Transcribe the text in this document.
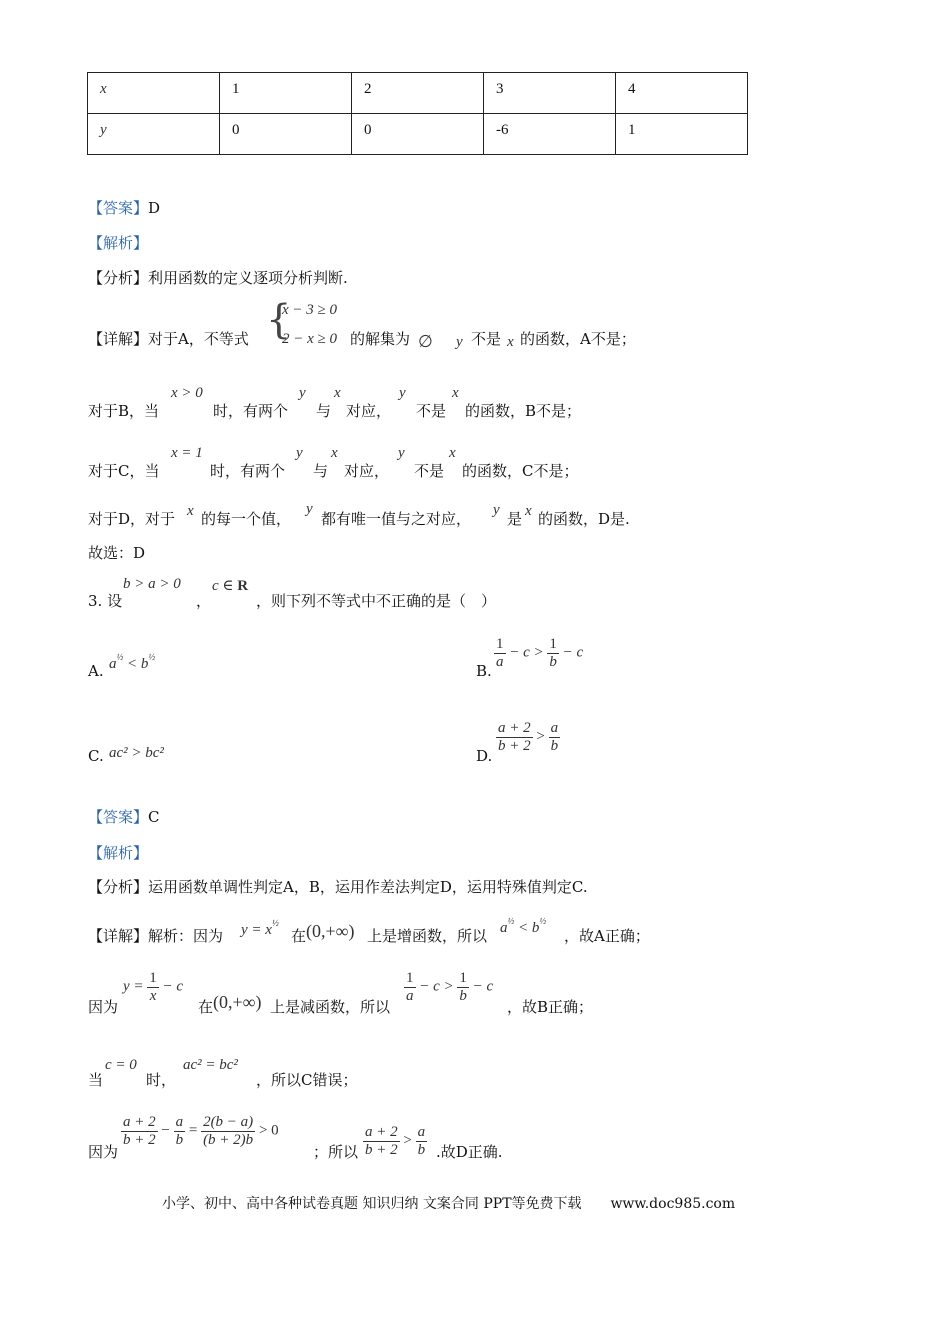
x	1	2	3	4
y	0	0	-6	1
【答案】D
【解析】
【分析】利用函数的定义逐项分析判断.
【详解】对于A，不等式 {
x − 3 ≥ 0
2 − x ≥ 0 的解集为 ∅ y 不是 x 的函数，A不是；
对于B，当
x > 0
时，有两个
y
与
x
对应，
y
不是
x
的函数，B不是；
对于C，当
x = 1
时，有两个
y
与
x
对应，
y
不是
x
的函数，C不是；
对于D，对于 x 的每一个值，
y
都有唯一值与之对应， y 是 x 的函数，D是.
故选：D
3. 设
b > a > 0
，
c ∈ R
，则下列不等式中不正确的是（　）
A. $a^{\frac{1}{2}} < b^{\frac{1}{2}}$
B.
$\frac{1}{a} - c > \frac{1}{b} - c$
C. ac² > bc²	D.
$\frac{a + 2}{b + 2} > \frac{a}{b}$
【答案】C
【解析】
【分析】运用函数单调性判定A，B，运用作差法判定D，运用特殊值判定C.
【详解】解析：因为 $y = x^{\frac{1}{2}}$
在 (0,+∞) 上是增函数，所以 $a^{\frac{1}{2}} < b^{\frac{1}{2}}$
，故A正确；
因为
$y = \frac{1}{x} - c$
在 (0,+∞) 上是减函数，所以
$\frac{1}{a} - c > \frac{1}{b} - c$
，故B正确；
当
c = 0
时，
ac² = bc²
，所以C错误；
因为
$\frac{a + 2}{b + 2} - \frac{a}{b} = \frac{2(b - a)}{(b + 2)b} > 0$
；所以 $\frac{a + 2}{b + 2} > \frac{a}{b}$ .故D正确.
小学、初中、高中各种试卷真题 知识归纳 文案合同 PPT等免费下载 www.doc985.com
